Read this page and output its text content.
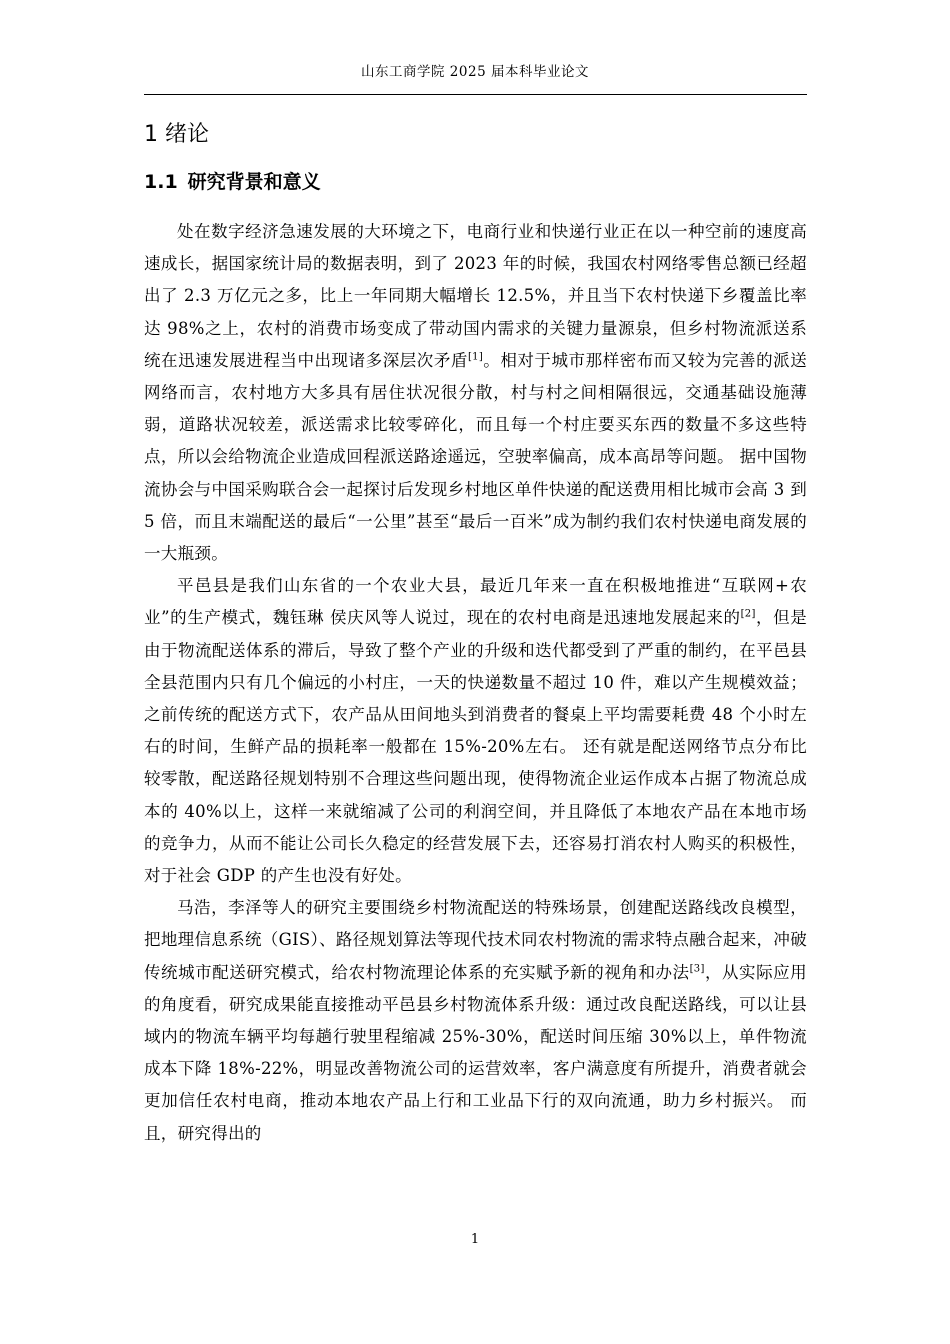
山东工商学院 2025 届本科毕业论文
1 绪论
1.1 研究背景和意义

处在数字经济急速发展的大环境之下，电商行业和快递行业正在以一种空前的速度高速成长，据国家统计局的数据表明，到了 2023 年的时候，我国农村网络零售总额已经超出了 2.3 万亿元之多，比上一年同期大幅增长 12.5%，并且当下农村快递下乡覆盖比率达 98%之上，农村的消费市场变成了带动国内需求的关键力量源泉，但乡村物流派送系统在迅速发展进程当中出现诸多深层次矛盾[1]。相对于城市那样密布而又较为完善的派送网络而言，农村地方大多具有居住状况很分散，村与村之间相隔很远，交通基础设施薄弱，道路状况较差，派送需求比较零碎化，而且每一个村庄要买东西的数量不多这些特点，所以会给物流企业造成回程派送路途遥远，空驶率偏高，成本高昂等问题。 据中国物流协会与中国采购联合会一起探讨后发现乡村地区单件快递的配送费用相比城市会高 3 到 5 倍，而且末端配送的最后“一公里”甚至“最后一百米”成为制约我们农村快递电商发展的一大瓶颈。

平邑县是我们山东省的一个农业大县，最近几年来一直在积极地推进“互联网+农业”的生产模式，魏钰琳 侯庆风等人说过，现在的农村电商是迅速地发展起来的[2]，但是由于物流配送体系的滞后，导致了整个产业的升级和迭代都受到了严重的制约，在平邑县全县范围内只有几个偏远的小村庄，一天的快递数量不超过 10 件，难以产生规模效益；之前传统的配送方式下，农产品从田间地头到消费者的餐桌上平均需要耗费 48 个小时左右的时间，生鲜产品的损耗率一般都在 15%-20%左右。 还有就是配送网络节点分布比较零散，配送路径规划特别不合理这些问题出现，使得物流企业运作成本占据了物流总成本的 40%以上，这样一来就缩减了公司的利润空间，并且降低了本地农产品在本地市场的竞争力，从而不能让公司长久稳定的经营发展下去，还容易打消农村人购买的积极性，对于社会 GDP 的产生也没有好处。

马浩，李泽等人的研究主要围绕乡村物流配送的特殊场景，创建配送路线改良模型，把地理信息系统（GIS）、路径规划算法等现代技术同农村物流的需求特点融合起来，冲破传统城市配送研究模式，给农村物流理论体系的充实赋予新的视角和办法[3]，从实际应用的角度看，研究成果能直接推动平邑县乡村物流体系升级：通过改良配送路线，可以让县域内的物流车辆平均每趟行驶里程缩减 25%-30%，配送时间压缩 30%以上，单件物流成本下降 18%-22%，明显改善物流公司的运营效率，客户满意度有所提升，消费者就会更加信任农村电商，推动本地农产品上行和工业品下行的双向流通，助力乡村振兴。 而且，研究得出的

1
